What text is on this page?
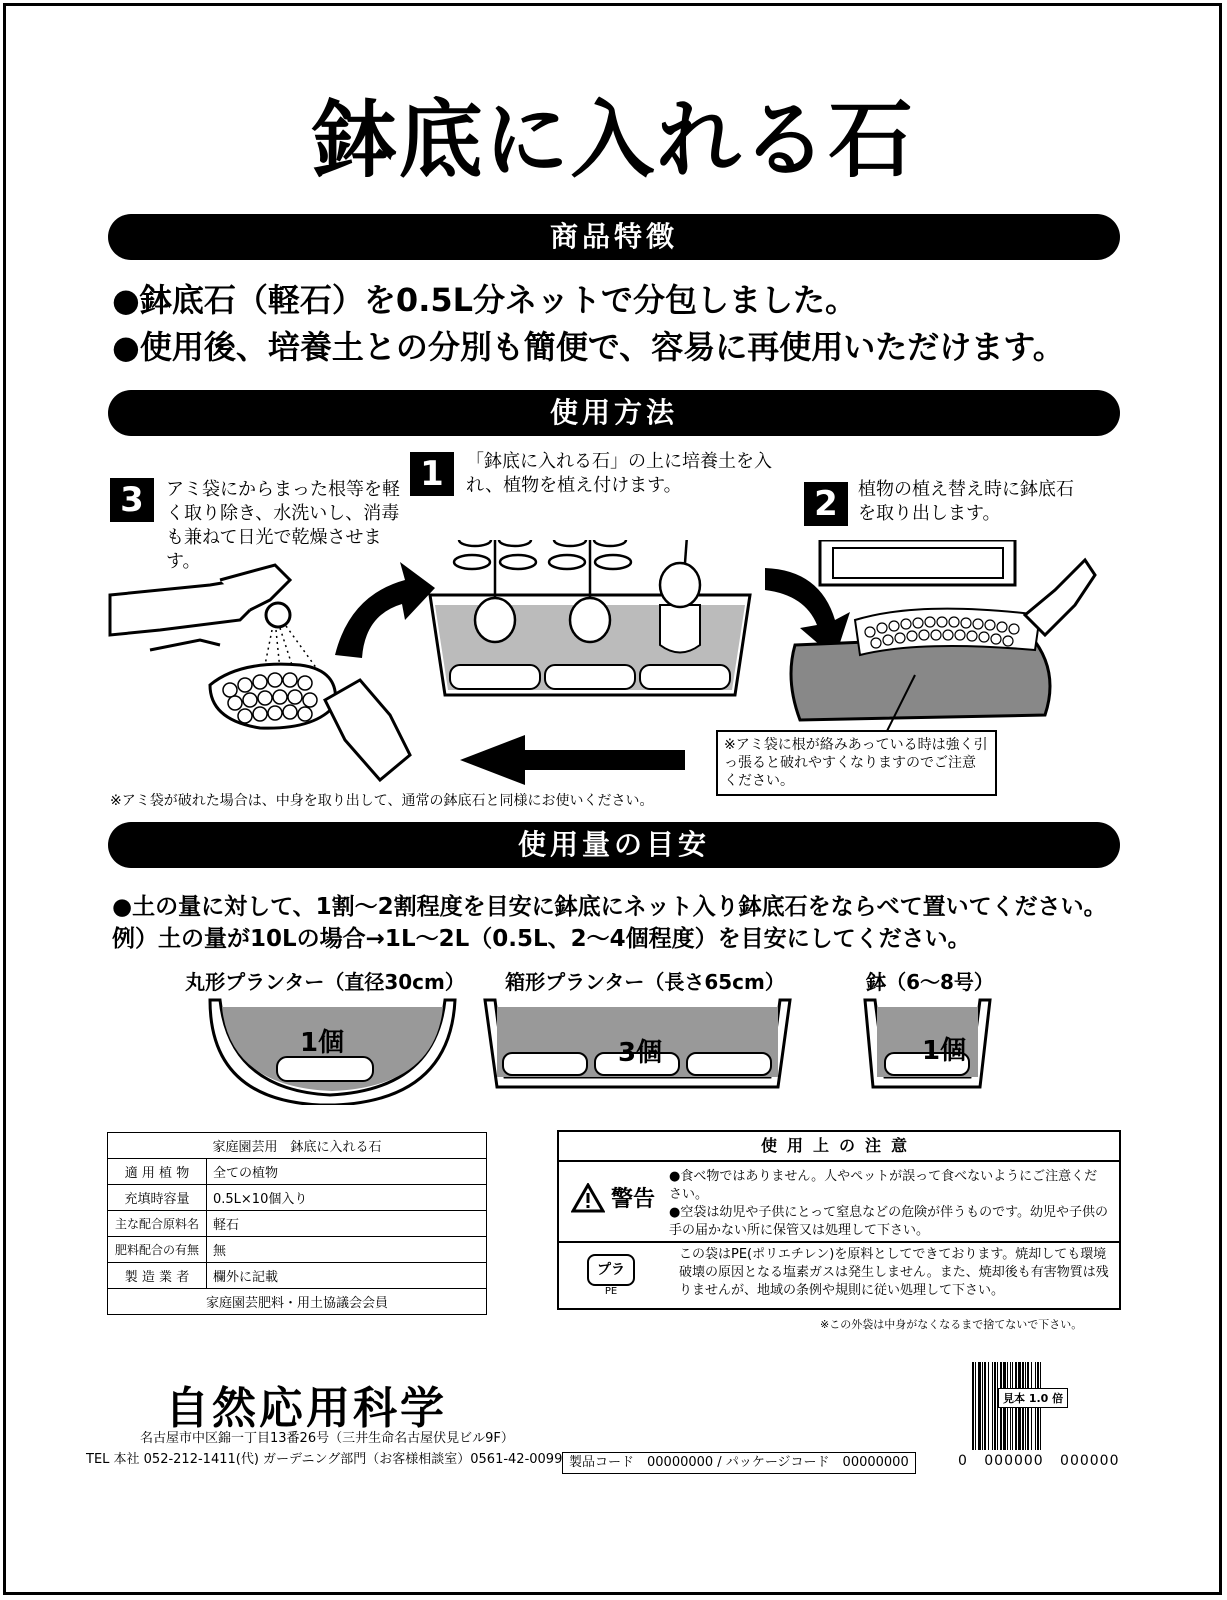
鉢底に入れる石
商品特徴
●鉢底石（軽石）を0.5L分ネットで分包しました。
●使用後、培養土との分別も簡便で、容易に再使用いただけます。
使用方法
1	「鉢底に入れる石」の上に培養土を入れ、植物を植え付けます。	2	植物の植え替え時に鉢底石を取り出します。
3	アミ袋にからまった根等を軽く取り除き、水洗いし、消毒も兼ねて日光で乾燥させます。
※アミ袋に根が絡みあっている時は強く引っ張ると破れやすくなりますのでご注意ください。
※アミ袋が破れた場合は、中身を取り出して、通常の鉢底石と同様にお使いください。
使用量の目安
●土の量に対して、1割～2割程度を目安に鉢底にネット入り鉢底石をならべて置いてください。
例）土の量が10Lの場合→1L～2L（0.5L、2～4個程度）を目安にしてください。
丸形プランター（直径30cm）	箱形プランター（長さ65cm）	鉢（6～8号）
1個	3個	1個
家庭園芸用　鉢底に入れる石	
適 用 植 物	全ての植物
充填時容量	0.5L×10個入り
主な配合原料名	軽石
肥料配合の有無	無
製 造 業 者	欄外に記載
家庭園芸肥料・用土協議会会員	
使用上の注意
警告
●食べ物ではありません。人やペットが誤って食べないようにご注意ください。
●空袋は幼児や子供にとって窒息などの危険が伴うものです。幼児や子供の手の届かない所に保管又は処理して下さい。
プラ
PE
この袋はPE(ポリエチレン)を原料としてできております。焼却しても環境破壊の原因となる塩素ガスは発生しません。また、焼却後も有害物質は残りませんが、地域の条例や規則に従い処理して下さい。
※この外袋は中身がなくなるまで捨てないで下さい。
自然応用科学
名古屋市中区錦一丁目13番26号（三井生命名古屋伏見ビル9F）
TEL 本社 052-212-1411(代) ガーデニング部門（お客様相談室）0561-42-0099 製品コード　00000000 / パッケージコード　00000000
見本 1.0 倍
0   000000   000000
